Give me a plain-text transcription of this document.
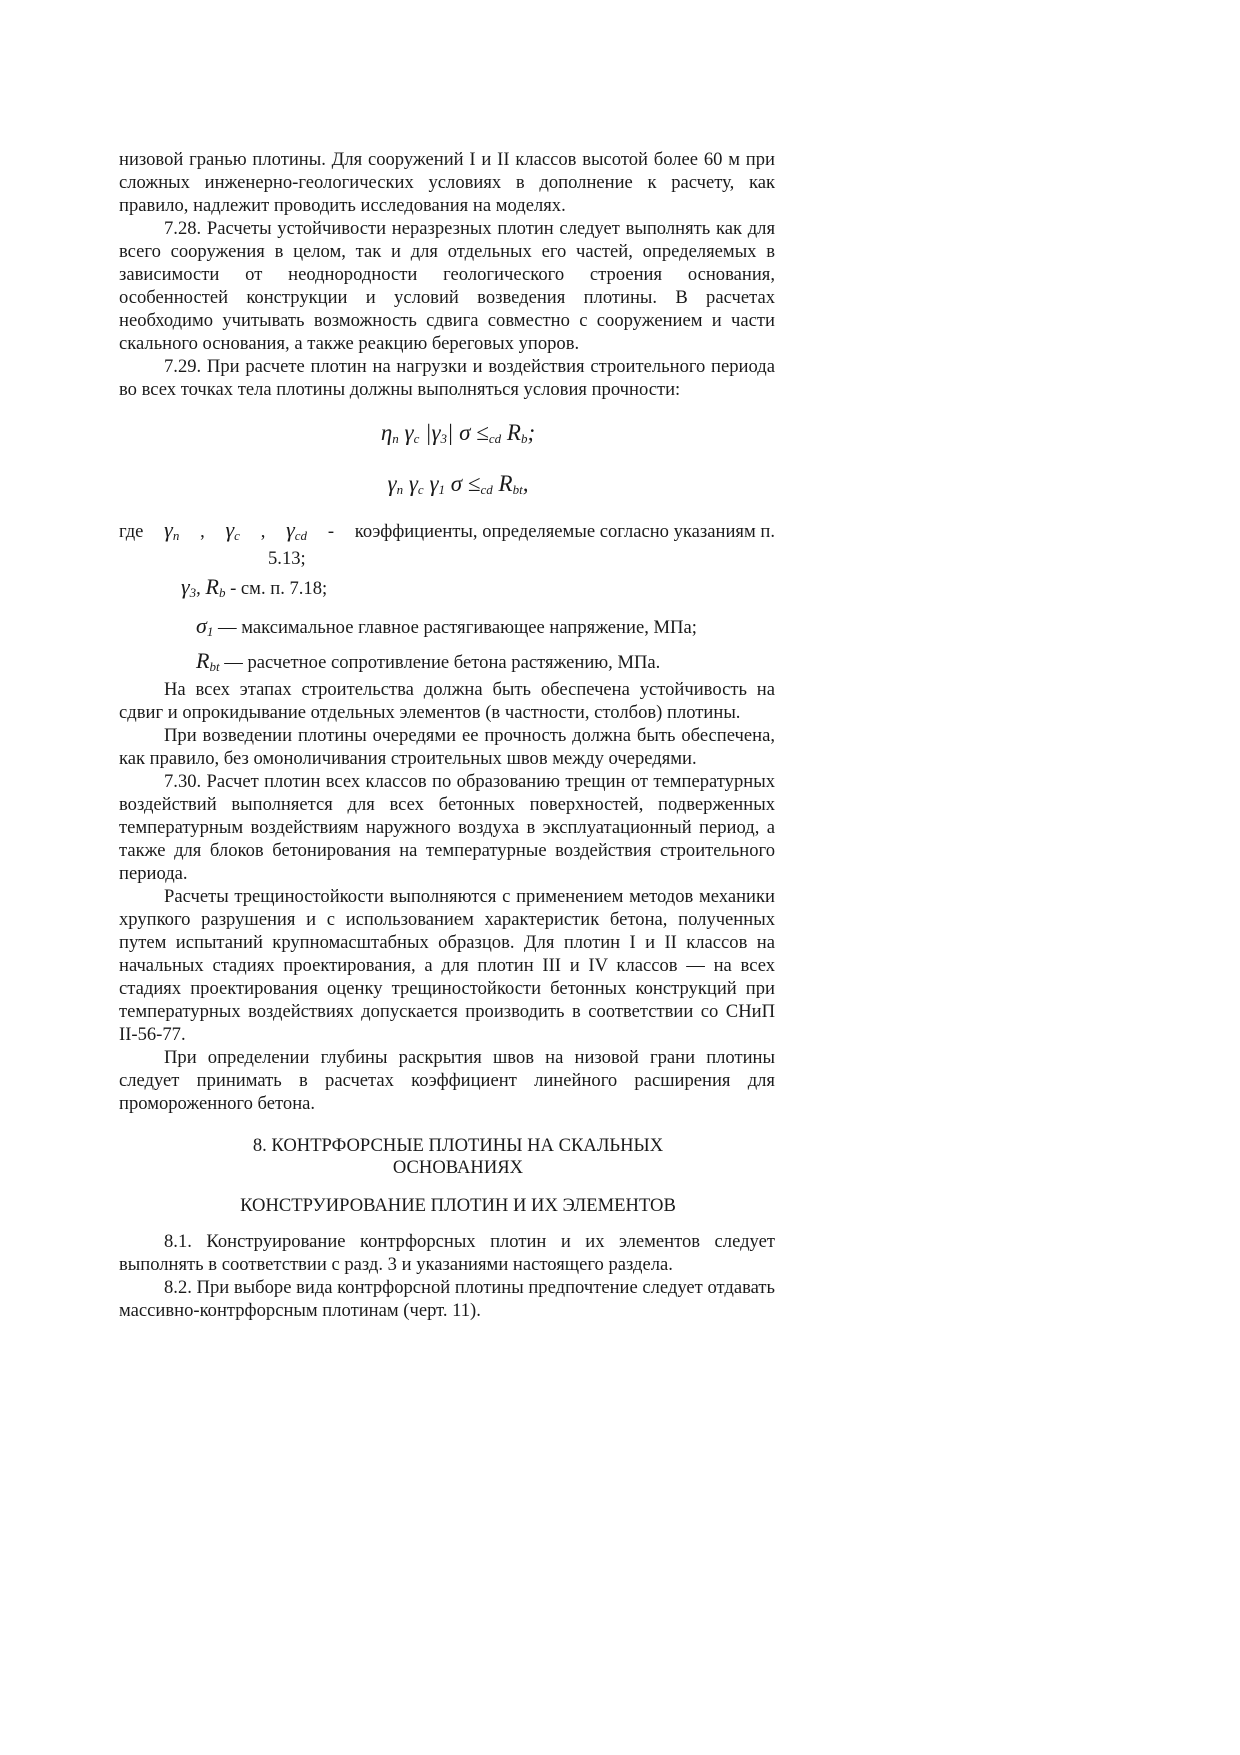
низовой гранью плотины. Для сооружений I и II классов высотой более 60 м при сложных инженерно-геологических условиях в дополнение к расчету, как правило, надлежит проводить исследования на моделях.

7.28. Расчеты устойчивости неразрезных плотин следует выполнять как для всего сооружения в целом, так и для отдельных его частей, определяемых в зависимости от неоднородности геологического строения основания, особенностей конструкции и условий возведения плотины. В расчетах необходимо учитывать возможность сдвига совместно с сооружением и части скального основания, а также реакцию береговых упоров.

7.29. При расчете плотин на нагрузки и воздействия строительного периода во всех точках тела плотины должны выполняться условия прочности:

$\eta_n$ $\gamma_c$ $|\gamma_3|$ $\sigma \le_{cd}$ $R_b$;
$\gamma_n$ $\gamma_c$ $\gamma_1$ $\sigma \le_{cd}$ $R_{bt}$,
где $\gamma_n$ , $\gamma_c$ , $\gamma_{cd}$ - коэффициенты, определяемые согласно указаниям п.
5.13;
$\gamma_3$, $R_b$ - см. п. 7.18;
$\sigma_1$ — максимальное главное растягивающее напряжение, МПа;
$R_{bt}$ — расчетное сопротивление бетона растяжению, МПа.

На всех этапах строительства должна быть обеспечена устойчивость на сдвиг и опрокидывание отдельных элементов (в частности, столбов) плотины.

При возведении плотины очередями ее прочность должна быть обеспечена, как правило, без омоноличивания строительных швов между очередями.

7.30. Расчет плотин всех классов по образованию трещин от температурных воздействий выполняется для всех бетонных поверхностей, подверженных температурным воздействиям наружного воздуха в эксплуатационный период, а также для блоков бетонирования на температурные воздействия строительного периода.

Расчеты трещиностойкости выполняются с применением методов механики хрупкого разрушения и с использованием характеристик бетона, полученных путем испытаний крупномасштабных образцов. Для плотин I и II классов на начальных стадиях проектирования, а для плотин III и IV классов — на всех стадиях проектирования оценку трещиностойкости бетонных конструкций при температурных воздействиях допускается производить в соответствии со СНиП II-56-77.

При определении глубины раскрытия швов на низовой грани плотины следует принимать в расчетах коэффициент линейного расширения для промороженного бетона.

8. КОНТРФОРСНЫЕ ПЛОТИНЫ НА СКАЛЬНЫХ
ОСНОВАНИЯХ
КОНСТРУИРОВАНИЕ ПЛОТИН И ИХ ЭЛЕМЕНТОВ

8.1. Конструирование контрфорсных плотин и их элементов следует выполнять в соответствии с разд. 3 и указаниями настоящего раздела.

8.2. При выборе вида контрфорсной плотины предпочтение следует отдавать массивно-контрфорсным плотинам (черт. 11).
